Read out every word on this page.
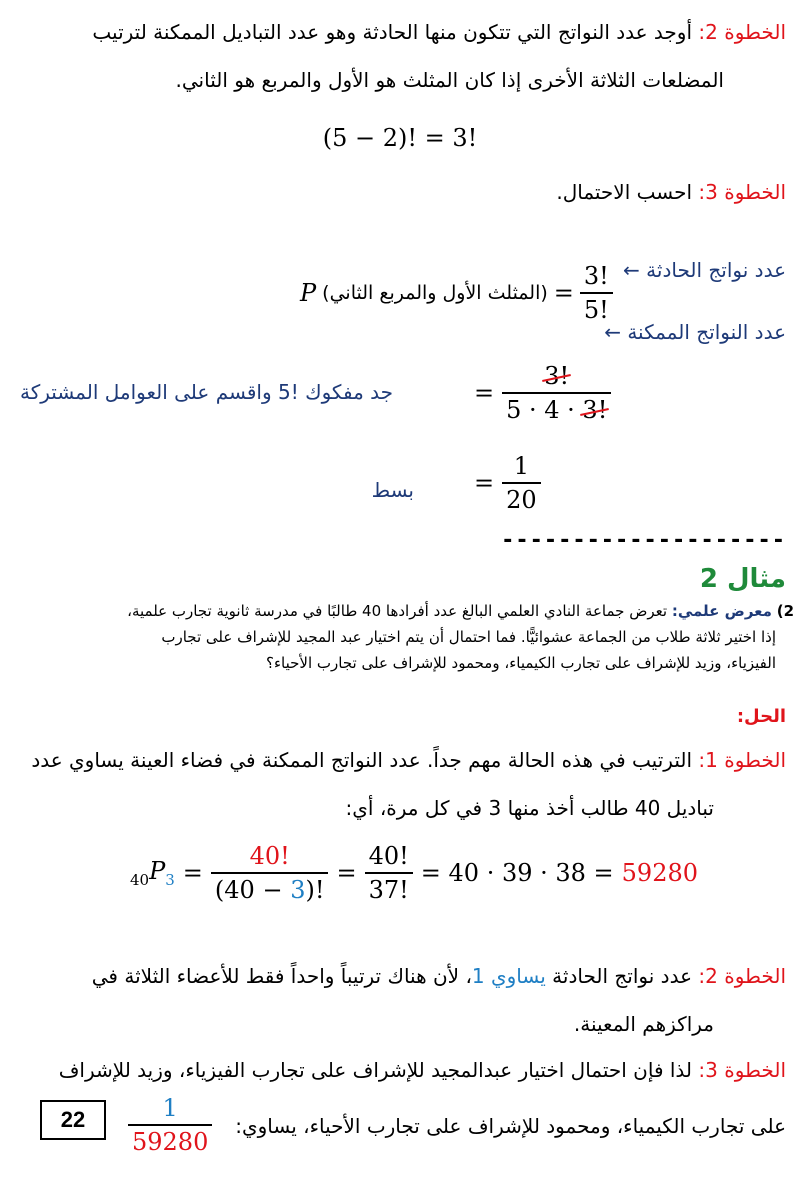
الخطوة 2: أوجد عدد النواتج التي تتكون منها الحادثة وهو عدد التباديل الممكنة لترتيب
المضلعات الثلاثة الأخرى إذا كان المثلث هو الأول والمربع هو الثاني.
(5 − 2)! = 3!
الخطوة 3: احسب الاحتمال.
P (المثلث الأول والمربع الثاني) = $\frac{3!}{5!}$ عدد نواتج الحادثة ←
عدد النواتج الممكنة ←
جد مفكوك !5 واقسم على العوامل المشتركة	= $\frac{3!}{5 \cdot 4 \cdot 3!}$
بسط	= $\frac{1}{20}$
--------------------
مثال 2
2) معرض علمي: تعرض جماعة النادي العلمي البالغ عدد أفرادها 40 طالبًا في مدرسة ثانوية تجارب علمية،
إذا اختير ثلاثة طلاب من الجماعة عشوائيًّا. فما احتمال أن يتم اختيار عبد المجيد للإشراف على تجارب
الفيزياء، وزيد للإشراف على تجارب الكيمياء، ومحمود للإشراف على تجارب الأحياء؟
الحل:
الخطوة 1: الترتيب في هذه الحالة مهم جداً. عدد النواتج الممكنة في فضاء العينة يساوي عدد
تباديل 40 طالب أخذ منها 3 في كل مرة، أي:
$_{40}P_3 = \frac{40!}{(40 - 3)!} = \frac{40!}{37!} = 40 \cdot 39 \cdot 38 = 59280$
الخطوة 2: عدد نواتج الحادثة يساوي 1، لأن هناك ترتيباً واحداً فقط للأعضاء الثلاثة في
مراكزهم المعينة.
الخطوة 3: لذا فإن احتمال اختيار عبدالمجيد للإشراف على تجارب الفيزياء، وزيد للإشراف
على تجارب الكيمياء، ومحمود للإشراف على تجارب الأحياء، يساوي:
$\frac{1}{59280}$
22
